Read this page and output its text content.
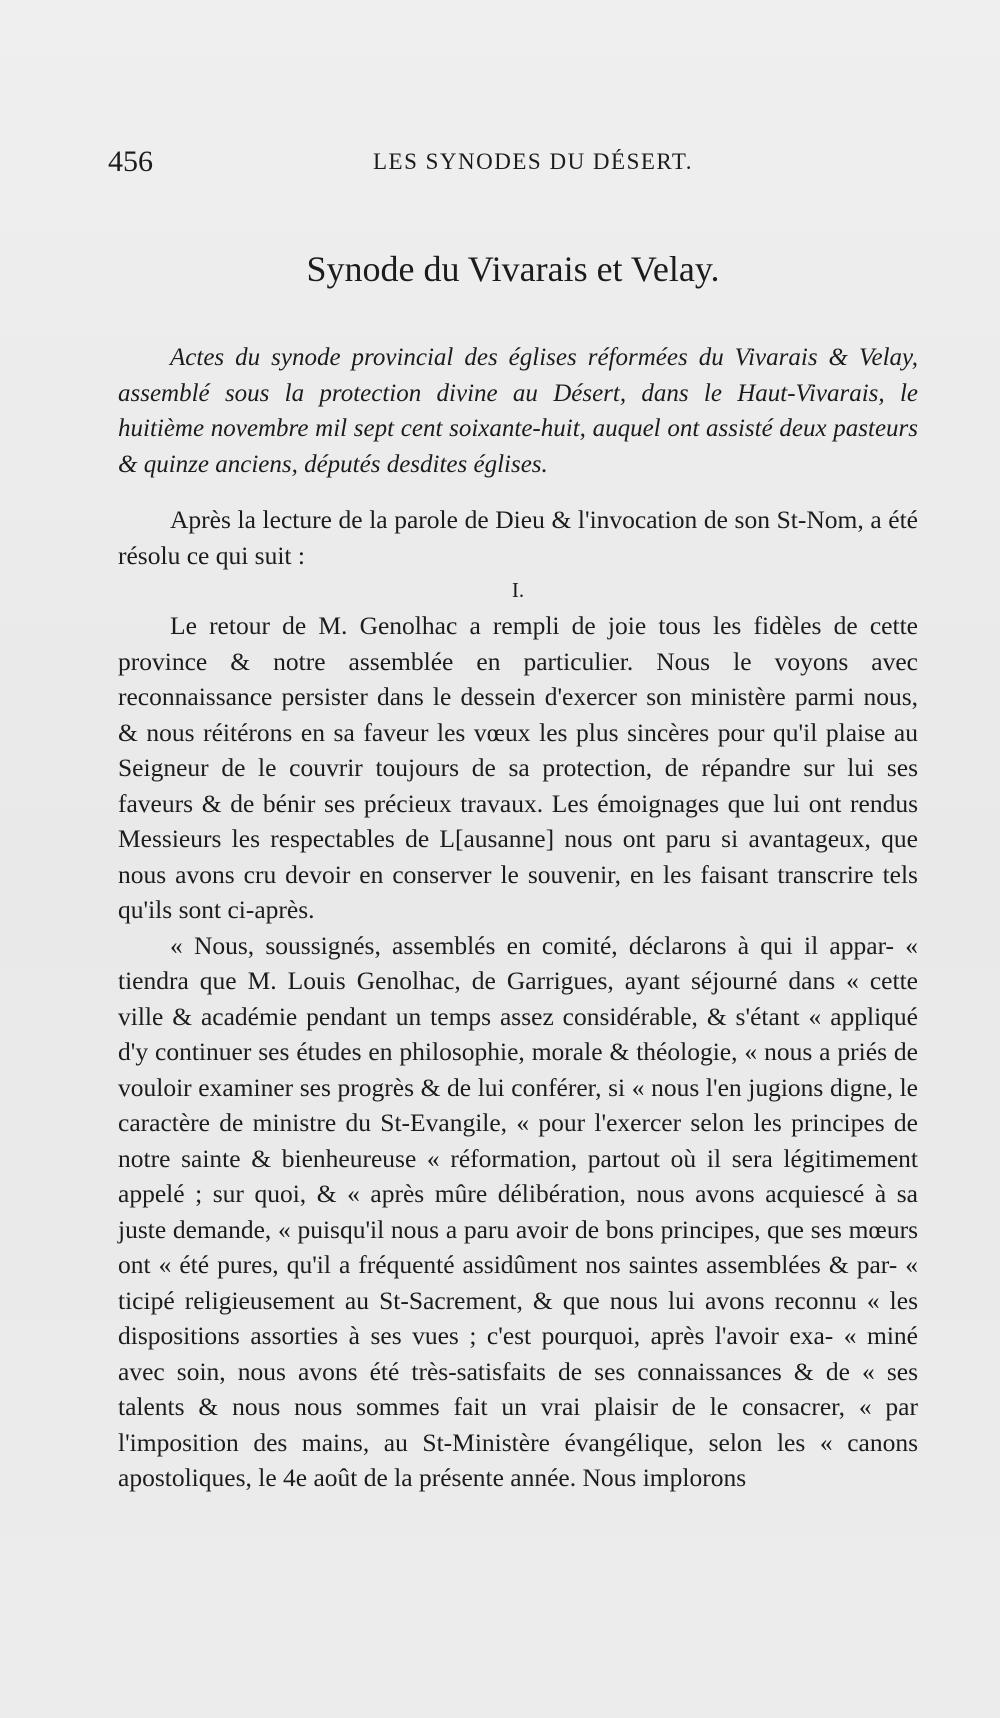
456	LES SYNODES DU DÉSERT.
Synode du Vivarais et Velay.

Actes du synode provincial des églises réformées du Vivarais & Velay, assemblé sous la protection divine au Désert, dans le Haut-Vivarais, le huitième novembre mil sept cent soixante-huit, auquel ont assisté deux pasteurs & quinze anciens, députés desdites églises.

Après la lecture de la parole de Dieu & l'invocation de son St-Nom, a été résolu ce qui suit :

I.

Le retour de M. Genolhac a rempli de joie tous les fidèles de cette province & notre assemblée en particulier. Nous le voyons avec reconnaissance persister dans le dessein d'exercer son ministère parmi nous, & nous réitérons en sa faveur les vœux les plus sincères pour qu'il plaise au Seigneur de le couvrir toujours de sa protection, de répandre sur lui ses faveurs & de bénir ses précieux travaux. Les émoignages que lui ont rendus Messieurs les respectables de L[ausanne] nous ont paru si avantageux, que nous avons cru devoir en conserver le souvenir, en les faisant transcrire tels qu'ils sont ci-après.

« Nous, soussignés, assemblés en comité, déclarons à qui il appar- « tiendra que M. Louis Genolhac, de Garrigues, ayant séjourné dans « cette ville & académie pendant un temps assez considérable, & s'étant « appliqué d'y continuer ses études en philosophie, morale & théologie, « nous a priés de vouloir examiner ses progrès & de lui conférer, si « nous l'en jugions digne, le caractère de ministre du St-Evangile, « pour l'exercer selon les principes de notre sainte & bienheureuse « réformation, partout où il sera légitimement appelé ; sur quoi, & « après mûre délibération, nous avons acquiescé à sa juste demande, « puisqu'il nous a paru avoir de bons principes, que ses mœurs ont « été pures, qu'il a fréquenté assidûment nos saintes assemblées & par- « ticipé religieusement au St-Sacrement, & que nous lui avons reconnu « les dispositions assorties à ses vues ; c'est pourquoi, après l'avoir exa- « miné avec soin, nous avons été très-satisfaits de ses connaissances & de « ses talents & nous nous sommes fait un vrai plaisir de le consacrer, « par l'imposition des mains, au St-Ministère évangélique, selon les « canons apostoliques, le 4e août de la présente année. Nous implorons
